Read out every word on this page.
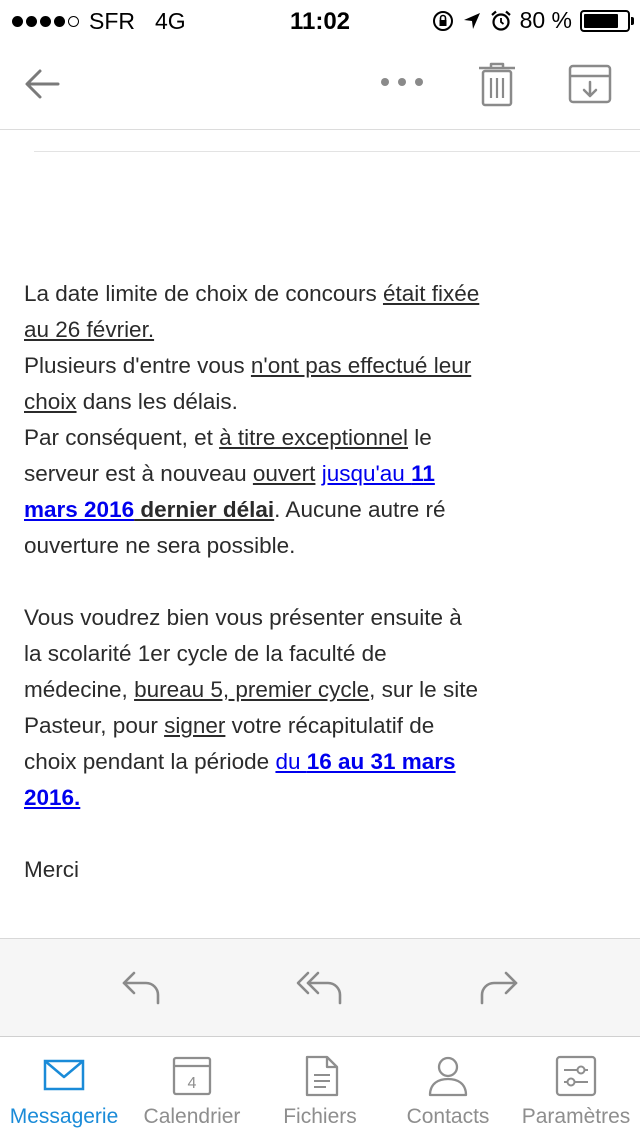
SFR 4G	11:02	80 %

La date limite de choix de concours était fixée au 26 février.
Plusieurs d'entre vous n'ont pas effectué leur choix dans les délais.
Par conséquent, et à titre exceptionnel le serveur est à nouveau ouvert jusqu'au 11 mars 2016 dernier délai. Aucune autre ré ouverture ne sera possible.

Vous voudrez bien vous présenter ensuite à la scolarité 1er cycle de la faculté de médecine, bureau 5, premier cycle, sur le site Pasteur, pour signer votre récapitulatif de choix pendant la période du 16 au 31 mars 2016.

Merci

Messagerie
4
Calendrier	Fichiers	Contacts	Paramètres
